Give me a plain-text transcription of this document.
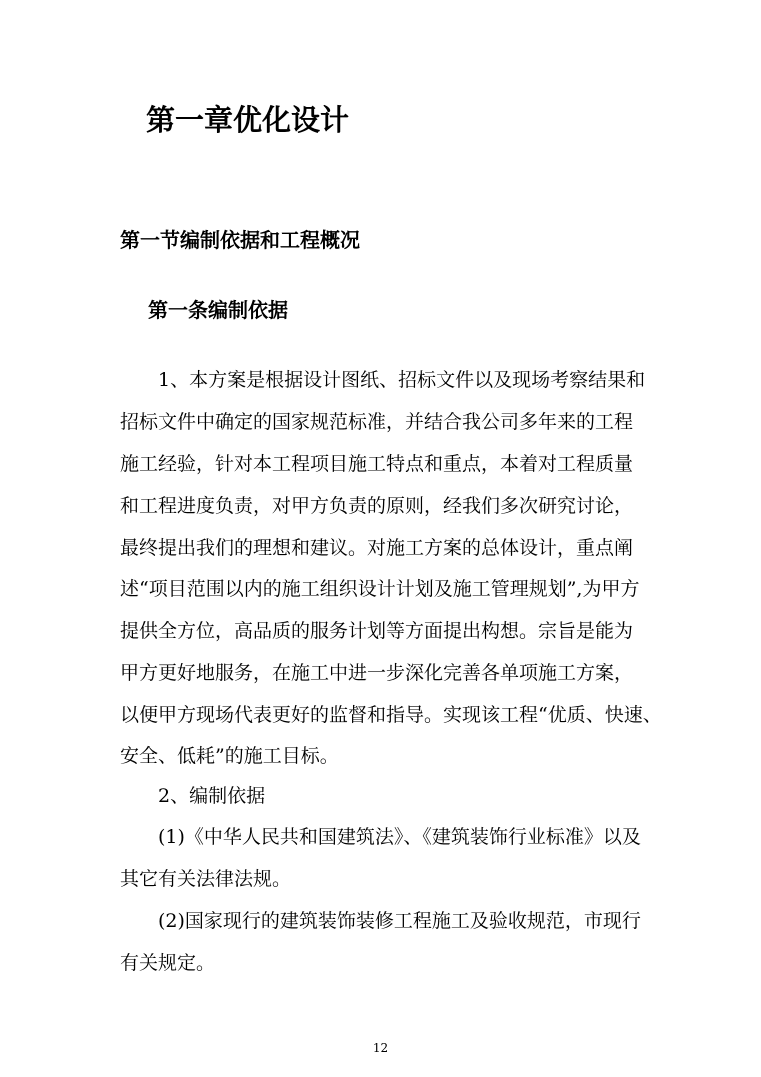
第一章优化设计
第一节编制依据和工程概况
第一条编制依据

1、本方案是根据设计图纸、招标文件以及现场考察结果和

招标文件中确定的国家规范标准，并结合我公司多年来的工程

施工经验，针对本工程项目施工特点和重点，本着对工程质量

和工程进度负责，对甲方负责的原则，经我们多次研究讨论，

最终提出我们的理想和建议。对施工方案的总体设计，重点阐

述“项目范围以内的施工组织设计计划及施工管理规划”,为甲方

提供全方位，高品质的服务计划等方面提出构想。宗旨是能为

甲方更好地服务，在施工中进一步深化完善各单项施工方案，

以便甲方现场代表更好的监督和指导。实现该工程“优质、快速、

安全、低耗”的施工目标。

2、编制依据

(1)《中华人民共和国建筑法》、《建筑装饰行业标准》以及

其它有关法律法规。

(2)国家现行的建筑装饰装修工程施工及验收规范，市现行

有关规定。

12
